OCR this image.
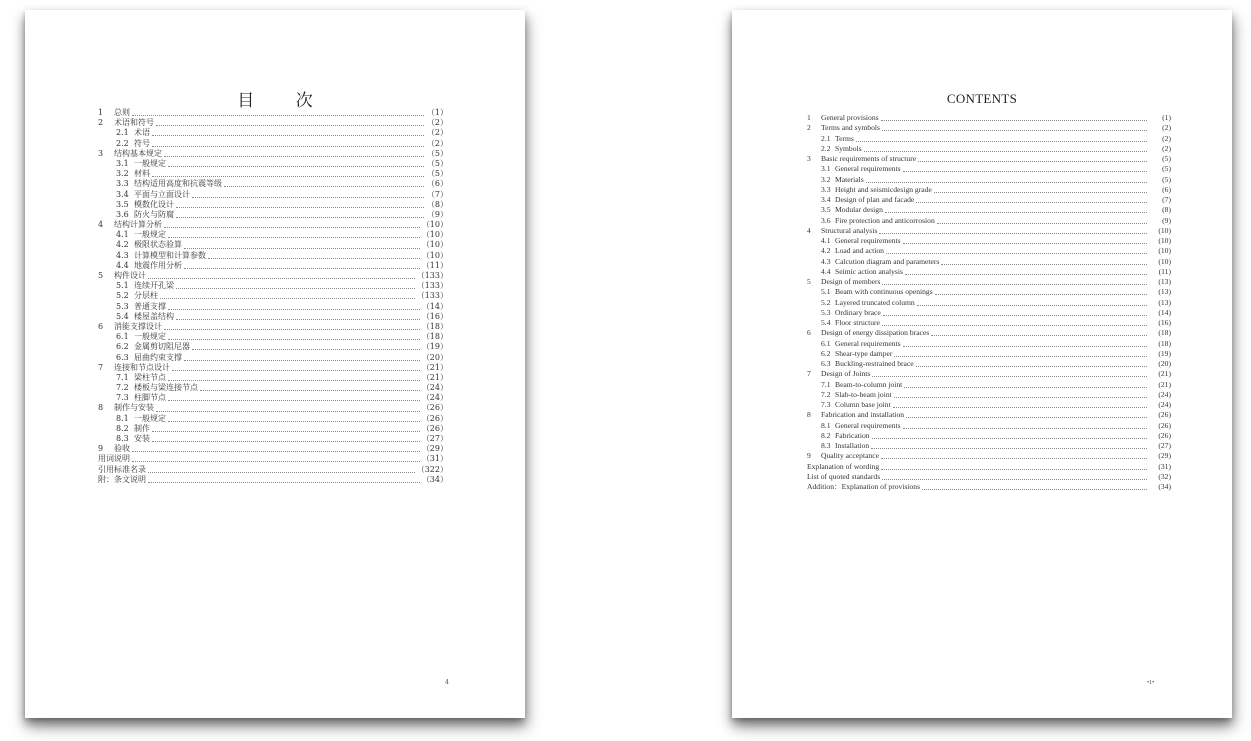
目 次
1	总则	（1）
2	术语和符号	（2）
2.1 术语	（2）
2.2 符号	（2）
3	结构基本规定	（5）
3.1 一般规定	（5）
3.2 材料	（5）
3.3 结构适用高度和抗震等级	（6）
3.4 平面与立面设计	（7）
3.5 模数化设计	（8）
3.6 防火与防腐	（9）
4	结构计算分析	（10）
4.1 一般规定	（10）
4.2 极限状态验算	（10）
4.3 计算模型和计算参数	（10）
4.4 地震作用分析	（11）
5	构件设计	（133）
5.1 连续开孔梁	（133）
5.2 分层柱	（133）
5.3 普通支撑	（14）
5.4 楼屋盖结构	（16）
6	消能支撑设计	（18）
6.1 一般规定	（18）
6.2 金属剪切阻尼器	（19）
6.3 屈曲约束支撑	（20）
7	连接和节点设计	（21）
7.1 梁柱节点	（21）
7.2 楼板与梁连接节点	（24）
7.3 柱脚节点	（24）
8	制作与安装	（26）
8.1 一般规定	（26）
8.2 制作	（26）
8.3 安装	（27）
9	验收	（29）
用词说明	（31）
引用标准名录	（322）
附：条文说明	（34）
4
CONTENTS
1	General provisions	(1)
2	Terms and symbols	(2)
2.1 Terms	(2)
2.2 Symbols	(2)
3	Basic requirements of structure	(5)
3.1 General requirements	(5)
3.2 Materials	(5)
3.3 Height and seismicdesign grade	(6)
3.4 Design of plan and facade	(7)
3.5 Modular design	(8)
3.6 Fire protection and anticorrosion	(9)
4	Structural analysis	(10)
4.1 General requirements	(10)
4.2 Load and action	(10)
4.3 Calcution diagram and parameters	(10)
4.4 Seimic action analysis	(11)
5	Design of members	(13)
5.1 Beam with continuous openings	(13)
5.2 Layered truncated column	(13)
5.3 Ordinary brace	(14)
5.4 Floor structure	(16)
6	Design of energy dissipation braces	(18)
6.1 General requirements	(18)
6.2 Shear-type damper	(19)
6.3 Buckling-restrained brace	(20)
7	Design of Joints	(21)
7.1 Beam-to-column joint	(21)
7.2 Slab-to-beam joint	(24)
7.3 Column base joint	(24)
8	Fabrication and installation	(26)
8.1 General requirements	(26)
8.2 Fabrication	(26)
8.3 Installation	(27)
9	Quality acceptance	(29)
Explanation of wording	(31)
List of quoted standards	(32)
Addition：Explanation of provisions	(34)
•1•
